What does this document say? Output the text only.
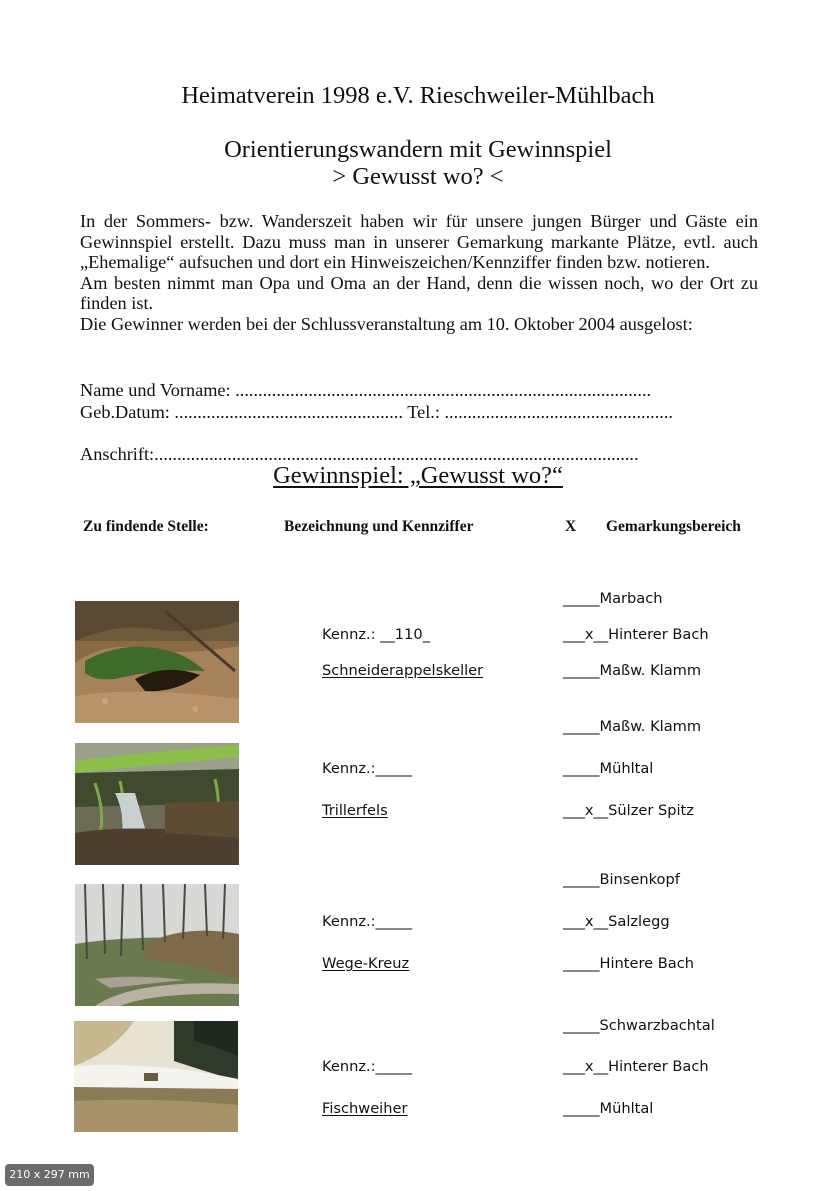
Heimatverein 1998 e.V. Rieschweiler-Mühlbach
Orientierungswandern mit Gewinnspiel
> Gewusst wo? <

In der Sommers- bzw. Wanderszeit haben wir für unsere jungen Bürger und Gäste ein Gewinnspiel erstellt. Dazu muss man in unserer Gemarkung markante Plätze, evtl. auch „Ehemalige“ aufsuchen und dort ein Hinweiszeichen/Kennziffer finden bzw. notieren.

Am besten nimmt man Opa und Oma an der Hand, denn die wissen noch, wo der Ort zu finden ist.

Die Gewinner werden bei der Schlussveranstaltung am 10. Oktober 2004 ausgelost:

Name und Vorname: ...........................................................................................
Geb.Datum: .................................................. Tel.: ..................................................
Anschrift:..........................................................................................................
Gewinnspiel: „Gewusst wo?“
Zu findende Stelle:	Bezeichnung und Kennziffer	X Gemarkungsbereich
_____Marbach
Kennz.: __110_	___x__Hinterer Bach
Schneiderappelskeller	_____Maßw. Klamm
_____Maßw. Klamm
Kennz.:_____	_____Mühltal
Trillerfels	___x__Sülzer Spitz
_____Binsenkopf
Kennz.:_____	___x__Salzlegg
Wege-Kreuz	_____Hintere Bach
_____Schwarzbachtal
Kennz.:_____	___x__Hinterer Bach
Fischweiher	_____Mühltal
210 x 297 mm
